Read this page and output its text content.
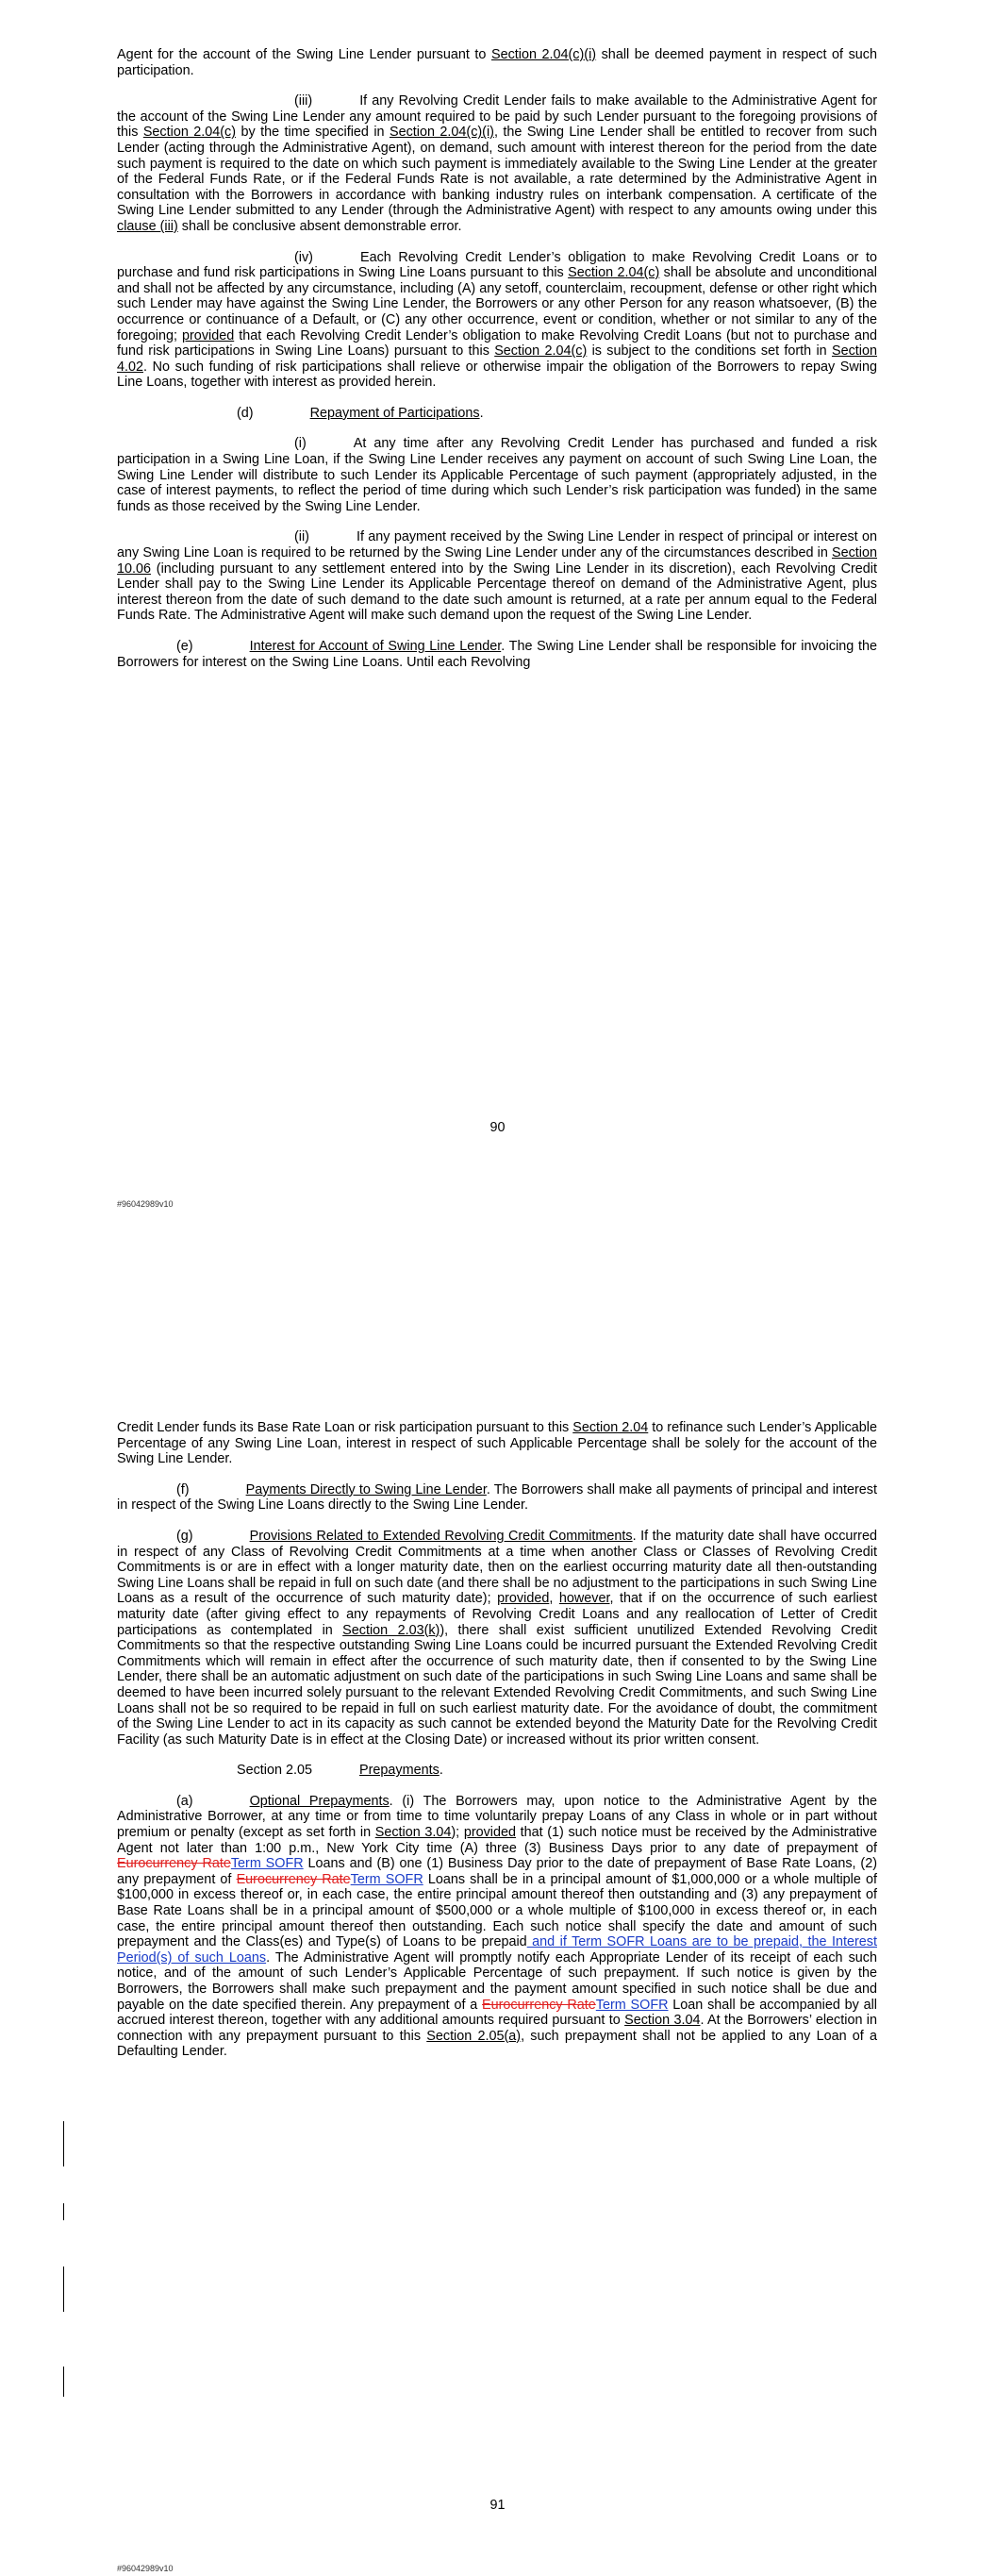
Agent for the account of the Swing Line Lender pursuant to Section 2.04(c)(i) shall be deemed payment in respect of such participation.

(iii)	If any Revolving Credit Lender fails to make available to the Administrative Agent for the account of the Swing Line Lender any amount required to be paid by such Lender pursuant to the foregoing provisions of this Section 2.04(c) by the time specified in Section 2.04(c)(i), the Swing Line Lender shall be entitled to recover from such Lender (acting through the Administrative Agent), on demand, such amount with interest thereon for the period from the date such payment is required to the date on which such payment is immediately available to the Swing Line Lender at the greater of the Federal Funds Rate, or if the Federal Funds Rate is not available, a rate determined by the Administrative Agent in consultation with the Borrowers in accordance with banking industry rules on interbank compensation. A certificate of the Swing Line Lender submitted to any Lender (through the Administrative Agent) with respect to any amounts owing under this clause (iii) shall be conclusive absent demonstrable error.

(iv)	Each Revolving Credit Lender’s obligation to make Revolving Credit Loans or to purchase and fund risk participations in Swing Line Loans pursuant to this Section 2.04(c) shall be absolute and unconditional and shall not be affected by any circumstance, including (A) any setoff, counterclaim, recoupment, defense or other right which such Lender may have against the Swing Line Lender, the Borrowers or any other Person for any reason whatsoever, (B) the occurrence or continuance of a Default, or (C) any other occurrence, event or condition, whether or not similar to any of the foregoing; provided that each Revolving Credit Lender’s obligation to make Revolving Credit Loans (but not to purchase and fund risk participations in Swing Line Loans) pursuant to this Section 2.04(c) is subject to the conditions set forth in Section 4.02. No such funding of risk participations shall relieve or otherwise impair the obligation of the Borrowers to repay Swing Line Loans, together with interest as provided herein.

(d)	Repayment of Participations.

(i)	At any time after any Revolving Credit Lender has purchased and funded a risk participation in a Swing Line Loan, if the Swing Line Lender receives any payment on account of such Swing Line Loan, the Swing Line Lender will distribute to such Lender its Applicable Percentage of such payment (appropriately adjusted, in the case of interest payments, to reflect the period of time during which such Lender’s risk participation was funded) in the same funds as those received by the Swing Line Lender.

(ii)	If any payment received by the Swing Line Lender in respect of principal or interest on any Swing Line Loan is required to be returned by the Swing Line Lender under any of the circumstances described in Section 10.06 (including pursuant to any settlement entered into by the Swing Line Lender in its discretion), each Revolving Credit Lender shall pay to the Swing Line Lender its Applicable Percentage thereof on demand of the Administrative Agent, plus interest thereon from the date of such demand to the date such amount is returned, at a rate per annum equal to the Federal Funds Rate. The Administrative Agent will make such demand upon the request of the Swing Line Lender.

(e)	Interest for Account of Swing Line Lender. The Swing Line Lender shall be responsible for invoicing the Borrowers for interest on the Swing Line Loans. Until each Revolving

90
#96042989v10

Credit Lender funds its Base Rate Loan or risk participation pursuant to this Section 2.04 to refinance such Lender’s Applicable Percentage of any Swing Line Loan, interest in respect of such Applicable Percentage shall be solely for the account of the Swing Line Lender.

(f)	Payments Directly to Swing Line Lender. The Borrowers shall make all payments of principal and interest in respect of the Swing Line Loans directly to the Swing Line Lender.

(g)	Provisions Related to Extended Revolving Credit Commitments. If the maturity date shall have occurred in respect of any Class of Revolving Credit Commitments at a time when another Class or Classes of Revolving Credit Commitments is or are in effect with a longer maturity date, then on the earliest occurring maturity date all then-outstanding Swing Line Loans shall be repaid in full on such date (and there shall be no adjustment to the participations in such Swing Line Loans as a result of the occurrence of such maturity date); provided, however, that if on the occurrence of such earliest maturity date (after giving effect to any repayments of Revolving Credit Loans and any reallocation of Letter of Credit participations as contemplated in Section 2.03(k)), there shall exist sufficient unutilized Extended Revolving Credit Commitments so that the respective outstanding Swing Line Loans could be incurred pursuant the Extended Revolving Credit Commitments which will remain in effect after the occurrence of such maturity date, then if consented to by the Swing Line Lender, there shall be an automatic adjustment on such date of the participations in such Swing Line Loans and same shall be deemed to have been incurred solely pursuant to the relevant Extended Revolving Credit Commitments, and such Swing Line Loans shall not be so required to be repaid in full on such earliest maturity date. For the avoidance of doubt, the commitment of the Swing Line Lender to act in its capacity as such cannot be extended beyond the Maturity Date for the Revolving Credit Facility (as such Maturity Date is in effect at the Closing Date) or increased without its prior written consent.

Section 2.05	Prepayments.

(a)	Optional Prepayments. (i) The Borrowers may, upon notice to the Administrative Agent by the Administrative Borrower, at any time or from time to time voluntarily prepay Loans of any Class in whole or in part without premium or penalty (except as set forth in Section 3.04); provided that (1) such notice must be received by the Administrative Agent not later than 1:00 p.m., New York City time (A) three (3) Business Days prior to any date of prepayment of Eurocurrency RateTerm SOFR Loans and (B) one (1) Business Day prior to the date of prepayment of Base Rate Loans, (2) any prepayment of Eurocurrency RateTerm SOFR Loans shall be in a principal amount of $1,000,000 or a whole multiple of $100,000 in excess thereof or, in each case, the entire principal amount thereof then outstanding and (3) any prepayment of Base Rate Loans shall be in a principal amount of $500,000 or a whole multiple of $100,000 in excess thereof or, in each case, the entire principal amount thereof then outstanding. Each such notice shall specify the date and amount of such prepayment and the Class(es) and Type(s) of Loans to be prepaid and if Term SOFR Loans are to be prepaid, the Interest Period(s) of such Loans. The Administrative Agent will promptly notify each Appropriate Lender of its receipt of each such notice, and of the amount of such Lender’s Applicable Percentage of such prepayment. If such notice is given by the Borrowers, the Borrowers shall make such prepayment and the payment amount specified in such notice shall be due and payable on the date specified therein. Any prepayment of a Eurocurrency RateTerm SOFR Loan shall be accompanied by all accrued interest thereon, together with any additional amounts required pursuant to Section 3.04. At the Borrowers’ election in connection with any prepayment pursuant to this Section 2.05(a), such prepayment shall not be applied to any Loan of a Defaulting Lender.

91
#96042989v10
